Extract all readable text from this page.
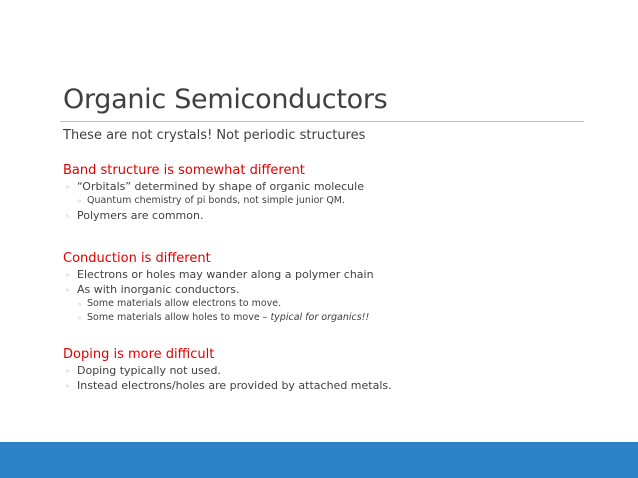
Organic Semiconductors
These are not crystals! Not periodic structures
Band structure is somewhat different
◦ “Orbitals” determined by shape of organic molecule
◦ Quantum chemistry of pi bonds, not simple junior QM.
◦ Polymers are common.
Conduction is different
◦ Electrons or holes may wander along a polymer chain
◦ As with inorganic conductors.
◦ Some materials allow electrons to move.
◦ Some materials allow holes to move – typical for organics!!
Doping is more difficult
◦ Doping typically not used.
◦ Instead electrons/holes are provided by attached metals.
